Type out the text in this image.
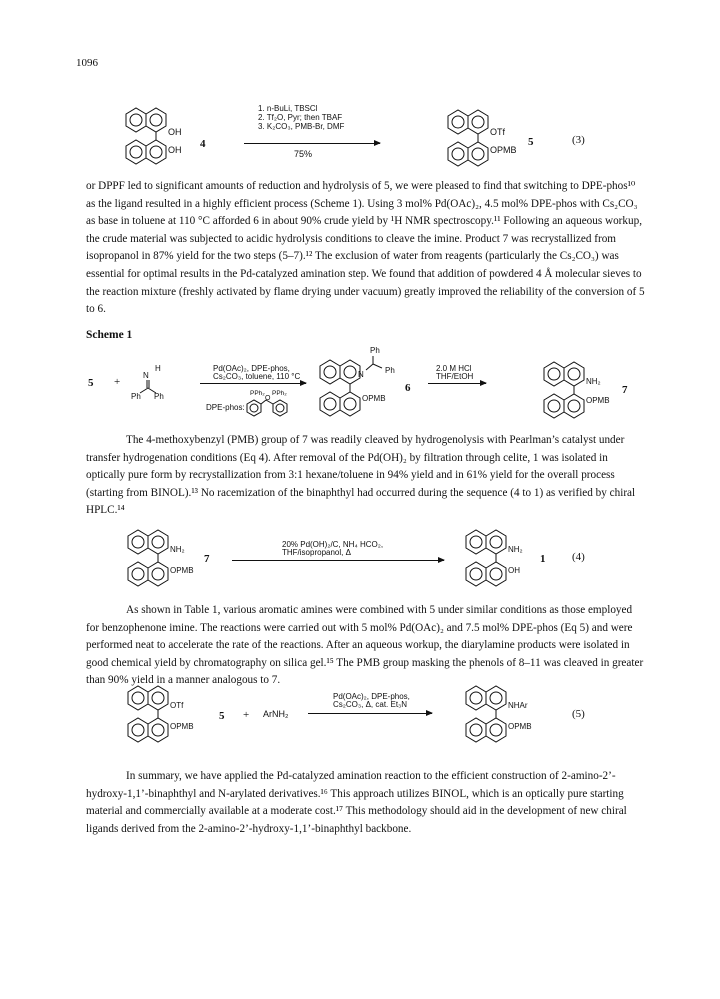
1096
OH
OH 4
1. n-BuLi, TBSCl
2. Tf₂O, Pyr; then TBAF
3. K₂CO₃, PMB-Br, DMF
75%
OTf
OPMB
5	(3)
or DPPF led to significant amounts of reduction and hydrolysis of 5, we were pleased to find that switching to DPE-phos¹⁰ as the ligand resulted in a highly efficient process (Scheme 1). Using 3 mol% Pd(OAc)₂, 4.5 mol% DPE-phos with Cs₂CO₃ as base in toluene at 110 °C afforded 6 in about 90% crude yield by ¹H NMR spectroscopy.¹¹ Following an aqueous workup, the crude material was subjected to acidic hydrolysis conditions to cleave the imine. Product 7 was recrystallized from isopropanol in 87% yield for the two steps (5–7).¹² The exclusion of water from reagents (particularly the Cs₂CO₃) was essential for optimal results in the Pd-catalyzed amination step. We found that addition of powdered 4 Å molecular sieves to the reaction mixture (freshly activated by flame drying under vacuum) greatly improved the reliability of the conversion of 5 to 6.
Scheme 1
5 +
N
H
Ph Ph
Pd(OAc)₂, DPE-phos,
Cs₂CO₃, toluene, 110 °C
PPh₂ PPh₂
DPE-phos:
O
Ph
Ph
N
OPMB
6
2.0 M HCl
THF/EtOH
NH₂
OPMB
7
The 4-methoxybenzyl (PMB) group of 7 was readily cleaved by hydrogenolysis with Pearlman’s catalyst under transfer hydrogenation conditions (Eq 4). After removal of the Pd(OH)₂ by filtration through celite, 1 was isolated in optically pure form by recrystallization from 3:1 hexane/toluene in 94% yield and in 61% yield for the overall process (starting from BINOL).¹³ No racemization of the binaphthyl had occurred during the sequence (4 to 1) as verified by chiral HPLC.¹⁴
NH₂
OPMB
7
20% Pd(OH)₂/C, NH₄ HCO₂,
THF/isopropanol, Δ	NH₂
OH
1 (4)
As shown in Table 1, various aromatic amines were combined with 5 under similar conditions as those employed for benzophenone imine. The reactions were carried out with 5 mol% Pd(OAc)₂ and 7.5 mol% DPE-phos (Eq 5) and were performed neat to accelerate the rate of the reactions. After an aqueous workup, the diarylamine products were isolated in good chemical yield by chromatography on silica gel.¹⁵ The PMB group masking the phenols of 8–11 was cleaved in greater than 90% yield in a manner analogous to 7.
OTf
OPMB
5 + ArNH₂
Pd(OAc)₂, DPE-phos,
Cs₂CO₃, Δ, cat. Et₃N	NHAr
OPMB
(5)
In summary, we have applied the Pd-catalyzed amination reaction to the efficient construction of 2-amino-2’-hydroxy-1,1’-binaphthyl and N-arylated derivatives.¹⁶ This approach utilizes BINOL, which is an optically pure starting material and commercially available at a moderate cost.¹⁷ This methodology should aid in the development of new chiral ligands derived from the 2-amino-2’-hydroxy-1,1’-binaphthyl backbone.
